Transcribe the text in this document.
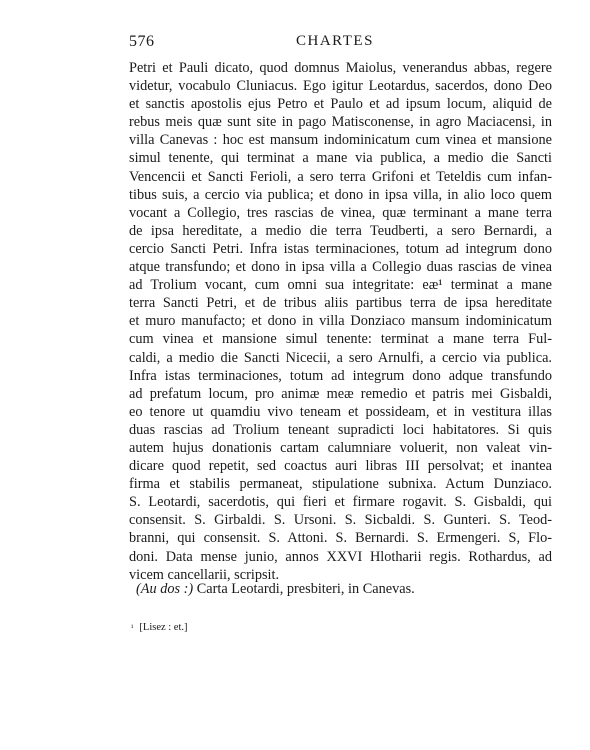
576	CHARTES
Petri et Pauli dicato, quod domnus Maiolus, venerandus abbas, regere
videtur, vocabulo Cluniacus. Ego igitur Leotardus, sacerdos, dono Deo
et sanctis apostolis ejus Petro et Paulo et ad ipsum locum, aliquid de
rebus meis quæ sunt site in pago Matisconense, in agro Maciacensi, in
villa Canevas : hoc est mansum indominicatum cum vinea et mansione
simul tenente, qui terminat a mane via publica, a medio die Sancti
Vencencii et Sancti Ferioli, a sero terra Grifoni et Teteldis cum infan-
tibus suis, a cercio via publica; et dono in ipsa villa, in alio loco quem
vocant a Collegio, tres rascias de vinea, quæ terminant a mane terra
de ipsa hereditate, a medio die terra Teudberti, a sero Bernardi, a
cercio Sancti Petri. Infra istas terminaciones, totum ad integrum dono
atque transfundo; et dono in ipsa villa a Collegio duas rascias de vinea
ad Trolium vocant, cum omni sua integritate: eæ¹ terminat a mane
terra Sancti Petri, et de tribus aliis partibus terra de ipsa hereditate
et muro manufacto; et dono in villa Donziaco mansum indominicatum
cum vinea et mansione simul tenente: terminat a mane terra Ful-
caldi, a medio die Sancti Nicecii, a sero Arnulfi, a cercio via publica.
Infra istas terminaciones, totum ad integrum dono adque transfundo
ad prefatum locum, pro animæ meæ remedio et patris mei Gisbaldi,
eo tenore ut quamdiu vivo teneam et possideam, et in vestitura illas
duas rascias ad Trolium teneant supradicti loci habitatores. Si quis
autem hujus donationis cartam calumniare voluerit, non valeat vin-
dicare quod repetit, sed coactus auri libras III persolvat; et inantea
firma et stabilis permaneat, stipulatione subnixa. Actum Dunziaco.
S. Leotardi, sacerdotis, qui fieri et firmare rogavit. S. Gisbaldi, qui
consensit. S. Girbaldi. S. Ursoni. S. Sicbaldi. S. Gunteri. S. Teod-
branni, qui consensit. S. Attoni. S. Bernardi. S. Ermengeri. S, Flo-
doni. Data mense junio, annos XXVI Hlotharii regis. Rothardus, ad
vicem cancellarii, scripsit.
(Au dos :) Carta Leotardi, presbiteri, in Canevas.
$^{^1}$ [Lisez : et.]
